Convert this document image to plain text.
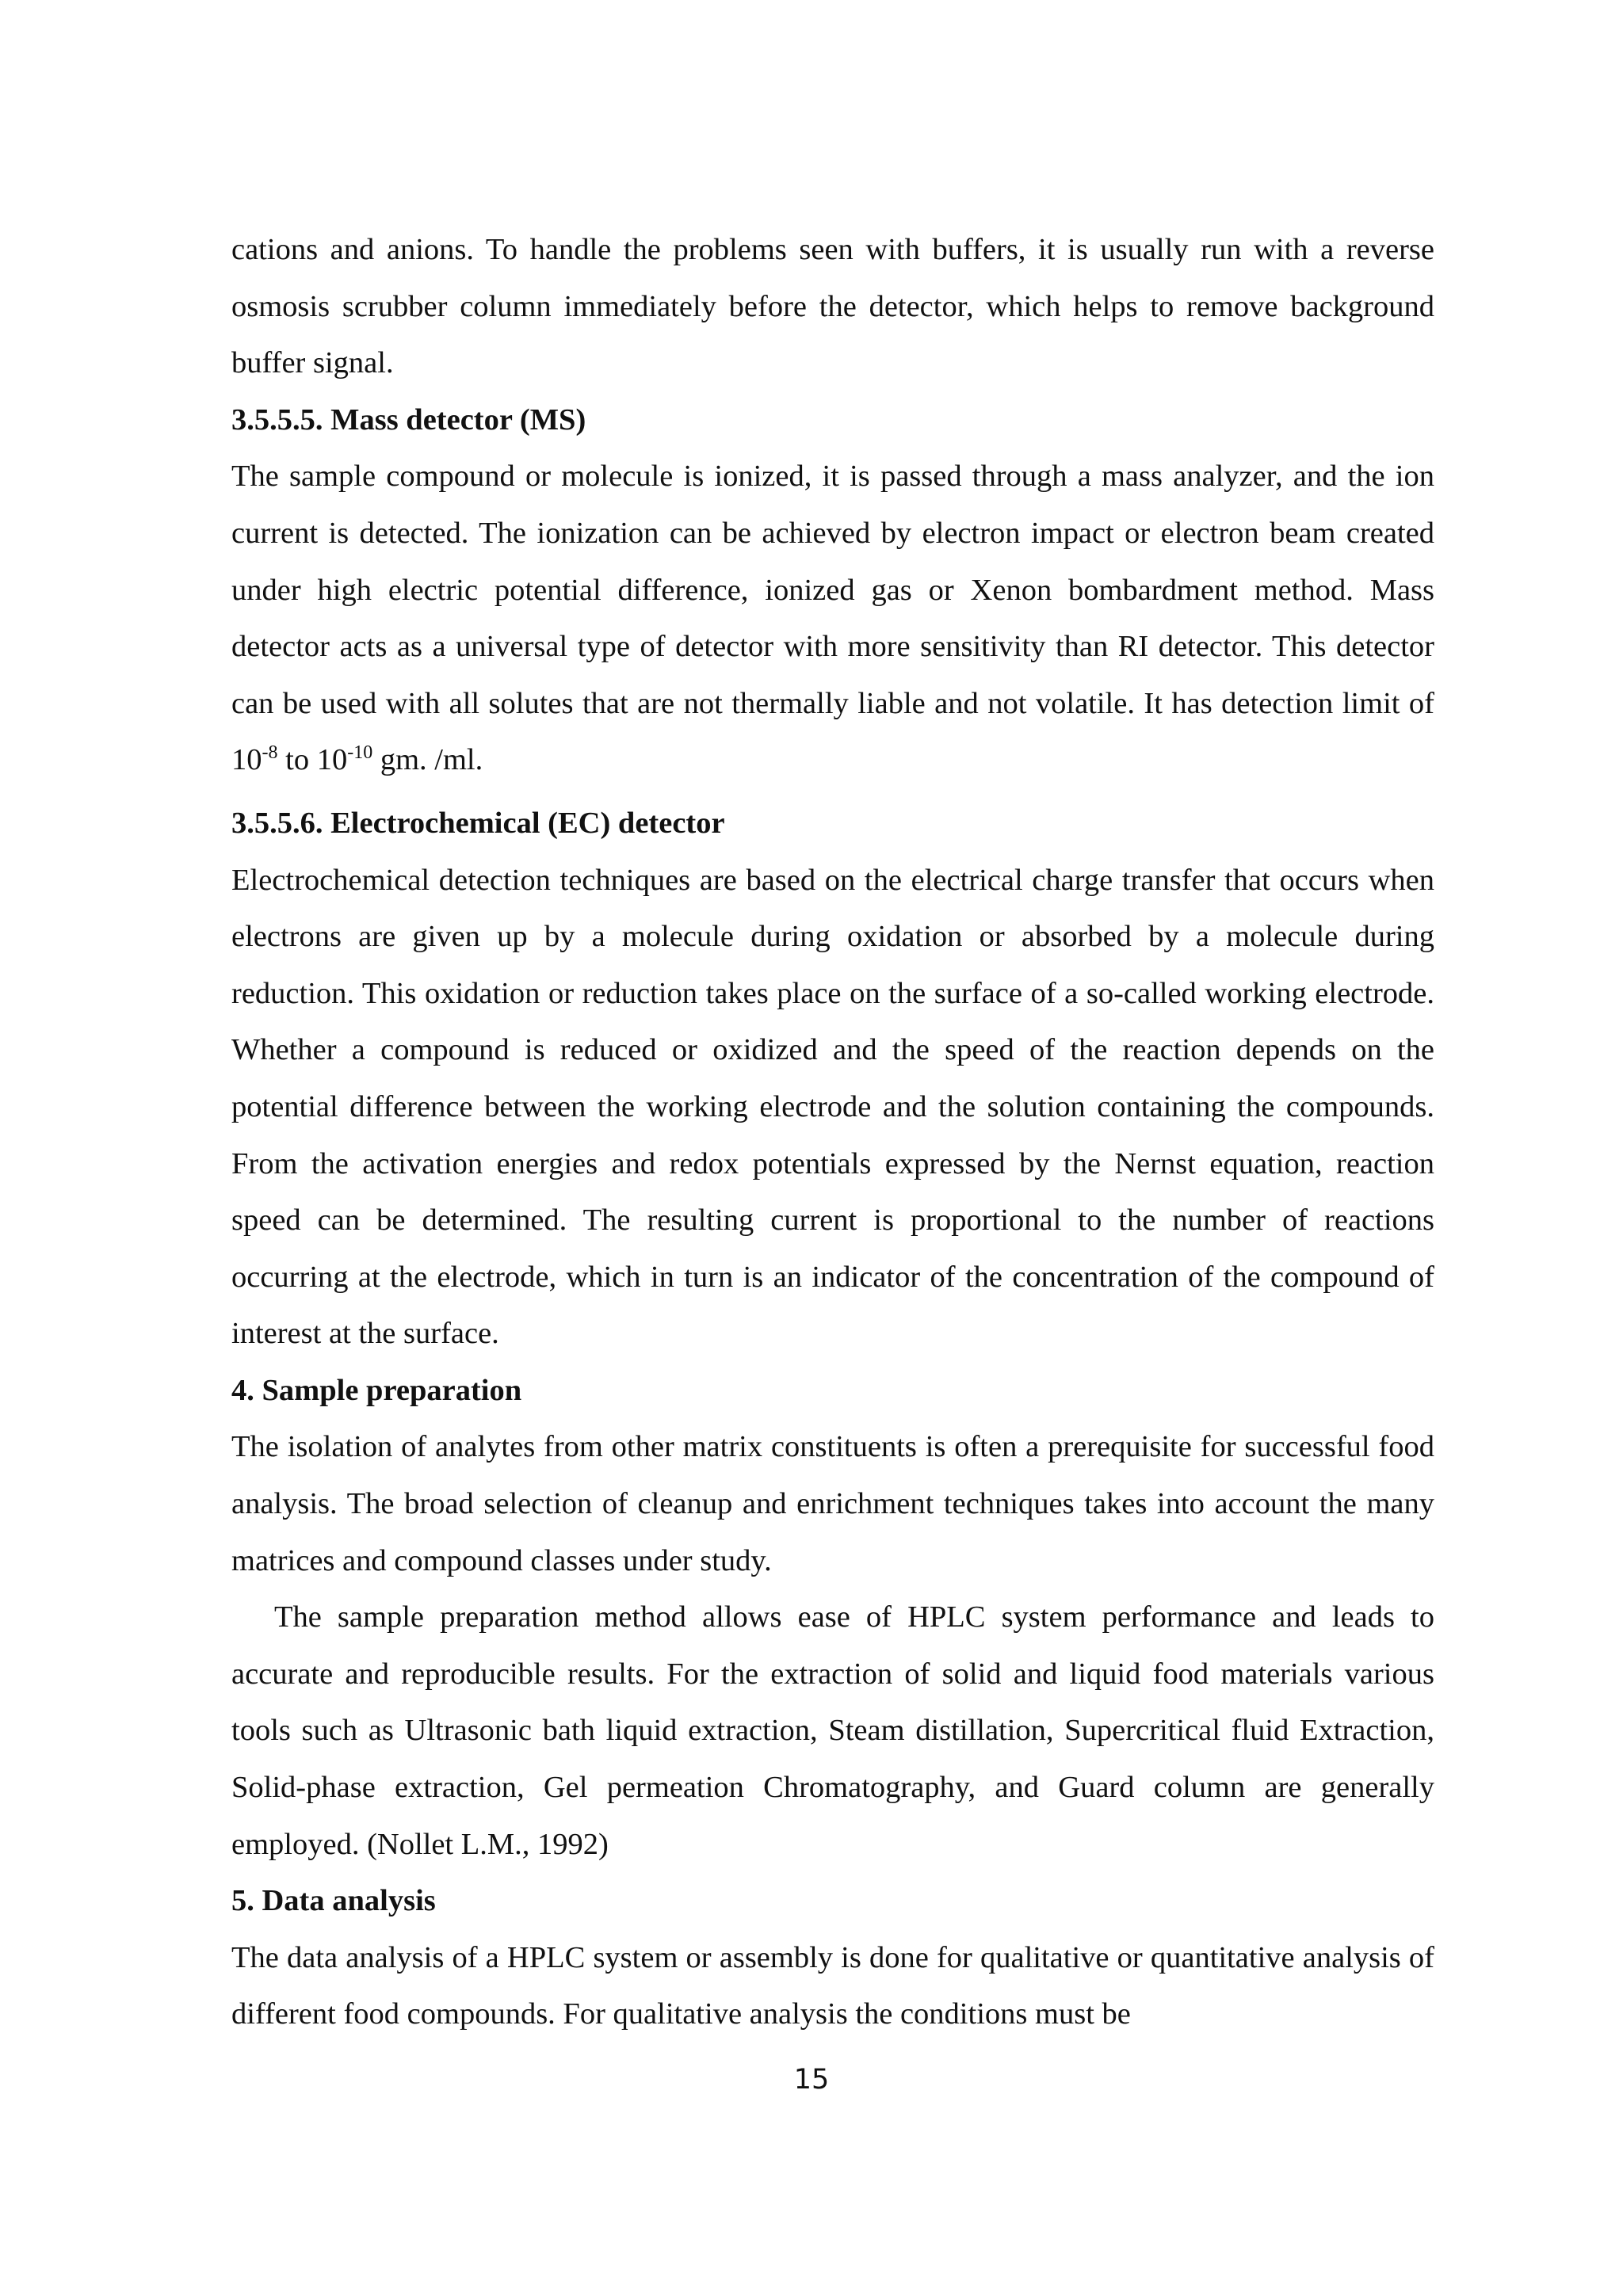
cations and anions. To handle the problems seen with buffers, it is usually run with a reverse osmosis scrubber column immediately before the detector, which helps to remove background buffer signal.

3.5.5.5. Mass detector (MS)

The sample compound or molecule is ionized, it is passed through a mass analyzer, and the ion current is detected. The ionization can be achieved by electron impact or electron beam created under high electric potential difference, ionized gas or Xenon bombardment method. Mass detector acts as a universal type of detector with more sensitivity than RI detector. This detector can be used with all solutes that are not thermally liable and not volatile. It has detection limit of $10^{-8}$ to $10^{-10}$ gm. /ml.

3.5.5.6. Electrochemical (EC) detector

Electrochemical detection techniques are based on the electrical charge transfer that occurs when electrons are given up by a molecule during oxidation or absorbed by a molecule during reduction. This oxidation or reduction takes place on the surface of a so-called working electrode. Whether a compound is reduced or oxidized and the speed of the reaction depends on the potential difference between the working electrode and the solution containing the compounds. From the activation energies and redox potentials expressed by the Nernst equation, reaction speed can be determined. The resulting current is proportional to the number of reactions occurring at the electrode, which in turn is an indicator of the concentration of the compound of interest at the surface.

4. Sample preparation

The isolation of analytes from other matrix constituents is often a prerequisite for successful food analysis. The broad selection of cleanup and enrichment techniques takes into account the many matrices and compound classes under study.

The sample preparation method allows ease of HPLC system performance and leads to accurate and reproducible results. For the extraction of solid and liquid food materials various tools such as Ultrasonic bath liquid extraction, Steam distillation, Supercritical fluid Extraction, Solid-phase extraction, Gel permeation Chromatography, and Guard column are generally employed. (Nollet L.M., 1992)

5. Data analysis

The data analysis of a HPLC system or assembly is done for qualitative or quantitative analysis of different food compounds. For qualitative analysis the conditions must be

15
